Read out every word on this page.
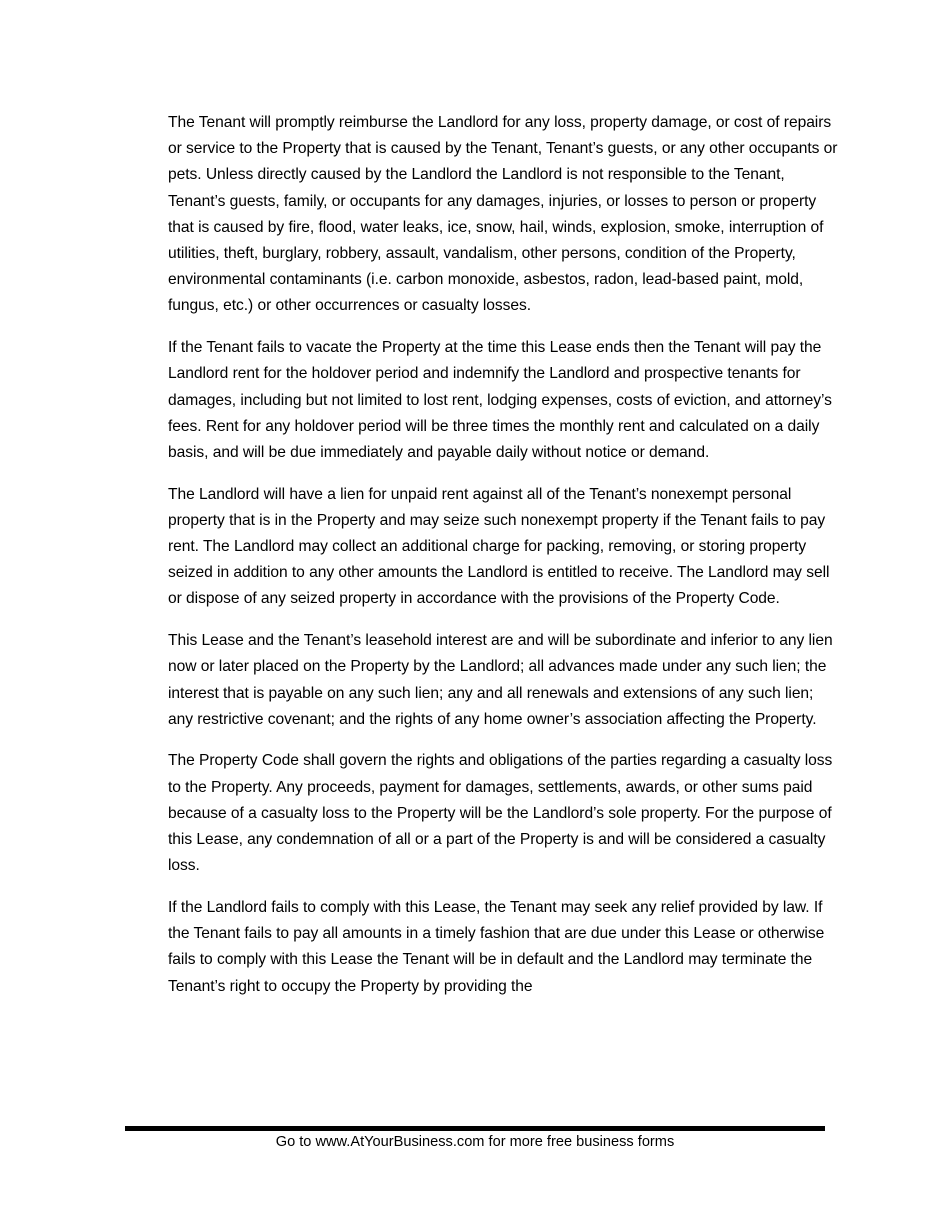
The Tenant will promptly reimburse the Landlord for any loss, property damage, or cost of repairs or service to the Property that is caused by the Tenant, Tenant’s guests, or any other occupants or pets. Unless directly caused by the Landlord the Landlord is not responsible to the Tenant, Tenant’s guests, family, or occupants for any damages, injuries, or losses to person or property that is caused by fire, flood, water leaks, ice, snow, hail, winds, explosion, smoke, interruption of utilities, theft, burglary, robbery, assault, vandalism, other persons, condition of the Property, environmental contaminants (i.e. carbon monoxide, asbestos, radon, lead-based paint, mold, fungus, etc.) or other occurrences or casualty losses.

If the Tenant fails to vacate the Property at the time this Lease ends then the Tenant will pay the Landlord rent for the holdover period and indemnify the Landlord and prospective tenants for damages, including but not limited to lost rent, lodging expenses, costs of eviction, and attorney’s fees. Rent for any holdover period will be three times the monthly rent and calculated on a daily basis, and will be due immediately and payable daily without notice or demand.

The Landlord will have a lien for unpaid rent against all of the Tenant’s nonexempt personal property that is in the Property and may seize such nonexempt property if the Tenant fails to pay rent. The Landlord may collect an additional charge for packing, removing, or storing property seized in addition to any other amounts the Landlord is entitled to receive. The Landlord may sell or dispose of any seized property in accordance with the provisions of the Property Code.

This Lease and the Tenant’s leasehold interest are and will be subordinate and inferior to any lien now or later placed on the Property by the Landlord; all advances made under any such lien; the interest that is payable on any such lien; any and all renewals and extensions of any such lien; any restrictive covenant; and the rights of any home owner’s association affecting the Property.

The Property Code shall govern the rights and obligations of the parties regarding a casualty loss to the Property. Any proceeds, payment for damages, settlements, awards, or other sums paid because of a casualty loss to the Property will be the Landlord’s sole property. For the purpose of this Lease, any condemnation of all or a part of the Property is and will be considered a casualty loss.

If the Landlord fails to comply with this Lease, the Tenant may seek any relief provided by law. If the Tenant fails to pay all amounts in a timely fashion that are due under this Lease or otherwise fails to comply with this Lease the Tenant will be in default and the Landlord may terminate the Tenant’s right to occupy the Property by providing the

Go to www.AtYourBusiness.com for more free business forms
